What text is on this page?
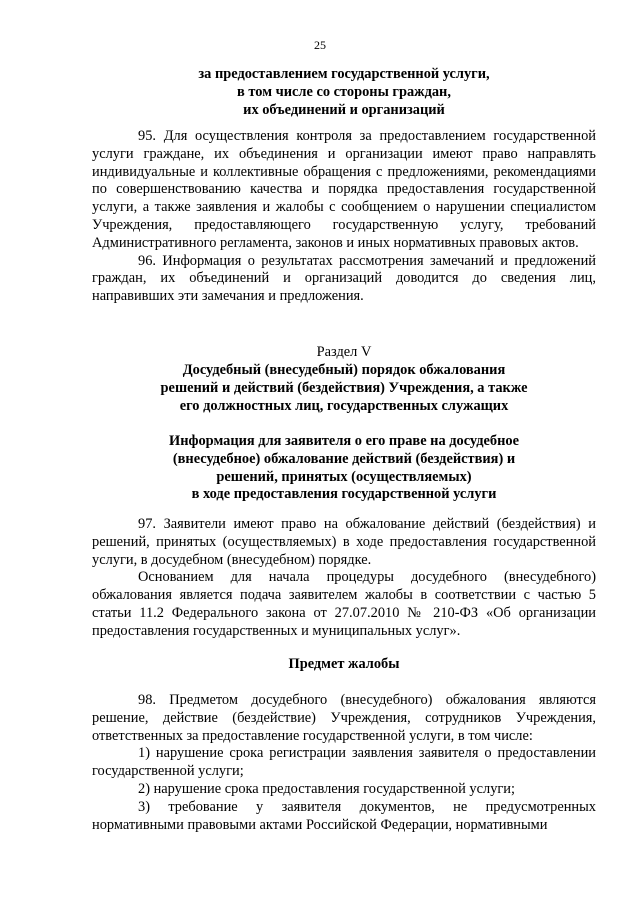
25
за предоставлением государственной услуги,
в том числе со стороны граждан,
их объединений и организаций

95. Для осуществления контроля за предоставлением государственной услуги граждане, их объединения и организации имеют право направлять индивидуальные и коллективные обращения с предложениями, рекомендациями по совершенствованию качества и порядка предоставления государственной услуги, а также заявления и жалобы с сообщением о нарушении специалистом Учреждения, предоставляющего государственную услугу, требований Административного регламента, законов и иных нормативных правовых актов.

96. Информация о результатах рассмотрения замечаний и предложений граждан, их объединений и организаций доводится до сведения лиц, направивших эти замечания и предложения.

Раздел V
Досудебный (внесудебный) порядок обжалования
решений и действий (бездействия) Учреждения, а также
его должностных лиц, государственных служащих
Информация для заявителя о его праве на досудебное
(внесудебное) обжалование действий (бездействия) и
решений, принятых (осуществляемых)
в ходе предоставления государственной услуги

97. Заявители имеют право на обжалование действий (бездействия) и решений, принятых (осуществляемых) в ходе предоставления государственной услуги, в досудебном (внесудебном) порядке.

Основанием для начала процедуры досудебного (внесудебного) обжалования является подача заявителем жалобы в соответствии с частью 5 статьи 11.2 Федерального закона от 27.07.2010 № 210-ФЗ «Об организации предоставления государственных и муниципальных услуг».

Предмет жалобы

98. Предметом досудебного (внесудебного) обжалования являются решение, действие (бездействие) Учреждения, сотрудников Учреждения, ответственных за предоставление государственной услуги, в том числе:

1) нарушение срока регистрации заявления заявителя о предоставлении государственной услуги;

2) нарушение срока предоставления государственной услуги;

3) требование у заявителя документов, не предусмотренных нормативными правовыми актами Российской Федерации, нормативными
